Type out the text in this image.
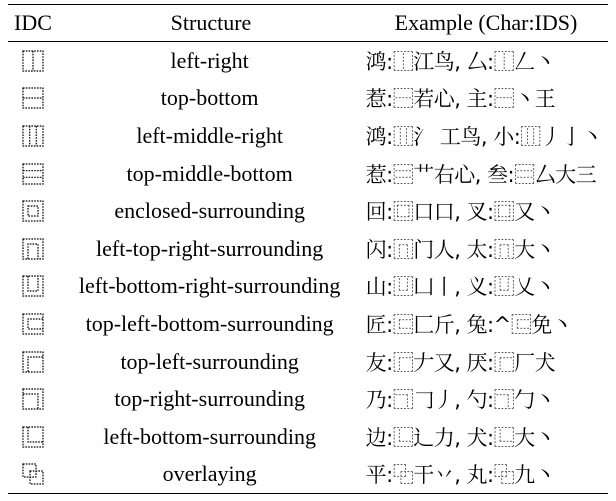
IDC	Structure	Example (Char:IDS)
left-right	鸿:⿰江鸟, 厶:⿰𠃋丶
top-bottom	惹:⿱若心, 主:⿱丶王
left-middle-right	鸿:⿲氵 工鸟, 小:⿲丿亅丶
top-middle-bottom	惹:⿳艹右心, 叁:⿳厶大三
enclosed-surrounding	回:⿴口口, 叉:⿴又丶
left-top-right-surrounding	闪:⿵门人, 太:⿵大丶
left-bottom-right-surrounding	山:⿶凵丨, 义:⿶乂丶
top-left-bottom-surrounding	匠:⿷匚斤, 兔:^⿷免丶
top-left-surrounding	友:⿸𠂇又, 厌:⿸厂犬
top-right-surrounding	乃:⿹𠃌丿, 勺:⿹勹丶
left-bottom-surrounding	边:⿺辶力, 犬:⿺大丶
overlaying	平:⿻干丷, 丸:⿻九丶
